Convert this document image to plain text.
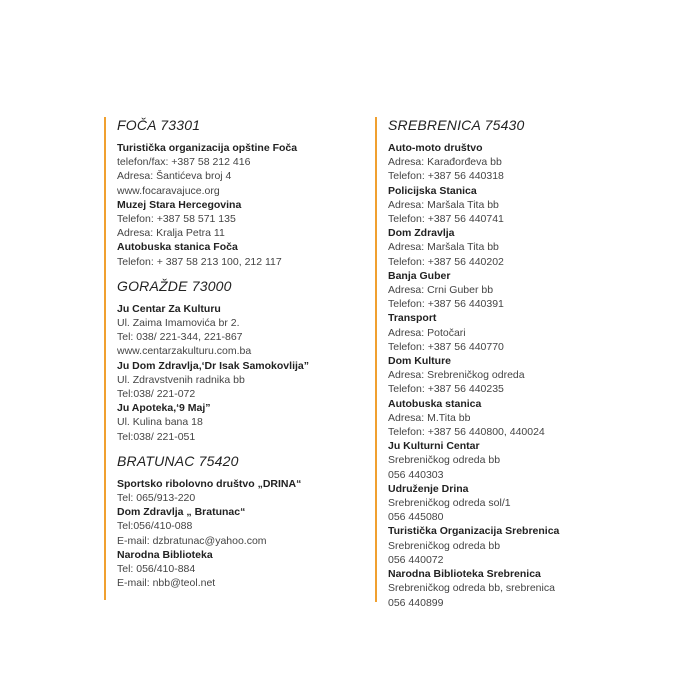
FOČA 73301
Turistička organizacija opštine Foča
telefon/fax: +387 58 212 416
Adresa: Šantićeva broj 4
www.focaravajuce.org
Muzej Stara Hercegovina
Telefon: +387 58 571 135
Adresa: Kralja Petra 11
Autobuska stanica Foča
Telefon: + 387 58 213 100, 212 117
GORAŽDE 73000
Ju Centar Za Kulturu
Ul. Zaima Imamovića br 2.
Tel: 038/ 221-344, 221-867
www.centarzakulturu.com.ba
Ju Dom Zdravlja,‘Dr Isak Samokovlija”
Ul. Zdravstvenih radnika bb
Tel:038/ 221-072
Ju Apoteka,‘9 Maj”
Ul. Kulina bana 18
Tel:038/ 221-051
BRATUNAC 75420
Sportsko ribolovno društvo „DRINA“
Tel: 065/913-220
Dom Zdravlja „ Bratunac“
Tel:056/410-088
E-mail: dzbratunac@yahoo.com
Narodna Biblioteka
Tel: 056/410-884
E-mail: nbb@teol.net
SREBRENICA 75430
Auto-moto društvo
Adresa: Karađorđeva bb
Telefon: +387 56 440318
Policijska Stanica
Adresa: Maršala Tita bb
Telefon: +387 56 440741
Dom Zdravlja
Adresa: Maršala Tita bb
Telefon: +387 56 440202
Banja Guber
Adresa: Crni Guber bb
Telefon: +387 56 440391
Transport
Adresa: Potočari
Telefon: +387 56 440770
Dom Kulture
Adresa: Srebreničkog odreda
Telefon: +387 56 440235
Autobuska stanica
Adresa: M.Tita bb
Telefon: +387 56 440800, 440024
Ju Kulturni Centar
Srebreničkog odreda bb
056 440303
Udruženje Drina
Srebreničkog odreda sol/1
056 445080
Turistička Organizacija Srebrenica
Srebreničkog odreda bb
056 440072
Narodna Biblioteka Srebrenica
Srebreničkog odreda bb, srebrenica
056 440899
